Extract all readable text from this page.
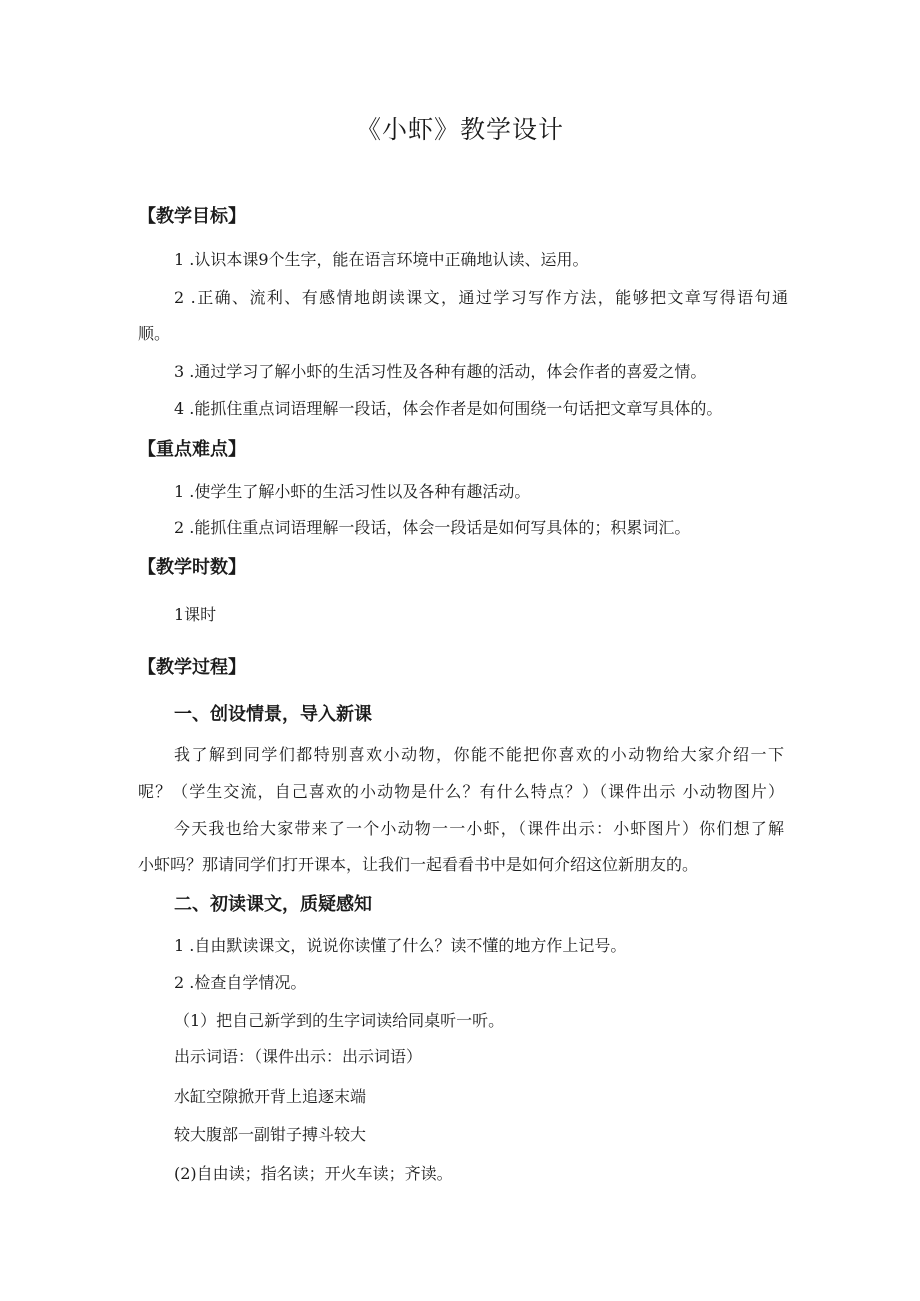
《小虾》教学设计
【教学目标】
1 .认识本课9个生字，能在语言环境中正确地认读、运用。
2 .正确、流利、有感情地朗读课文，通过学习写作方法，能够把文章写得语句通
顺。
3 .通过学习了解小虾的生活习性及各种有趣的活动，体会作者的喜爱之情。
4 .能抓住重点词语理解一段话，体会作者是如何围绕一句话把文章写具体的。
【重点难点】
1 .使学生了解小虾的生活习性以及各种有趣活动。
2 .能抓住重点词语理解一段话，体会一段话是如何写具体的；积累词汇。
【教学时数】
1课时
【教学过程】
一、创设情景，导入新课
我了解到同学们都特别喜欢小动物，你能不能把你喜欢的小动物给大家介绍一下
呢？（学生交流，自己喜欢的小动物是什么？有什么特点？）（课件出示 小动物图片）
今天我也给大家带来了一个小动物一一小虾，（课件出示：小虾图片）你们想了解
小虾吗？那请同学们打开课本，让我们一起看看书中是如何介绍这位新朋友的。
二、初读课文，质疑感知
1 .自由默读课文，说说你读懂了什么？读不懂的地方作上记号。
2 .检查自学情况。
（1）把自己新学到的生字词读给同桌听一听。
出示词语：（课件出示：出示词语）
水缸空隙掀开背上追逐末端
较大腹部一副钳子搏斗较大
(2)自由读；指名读；开火车读；齐读。
